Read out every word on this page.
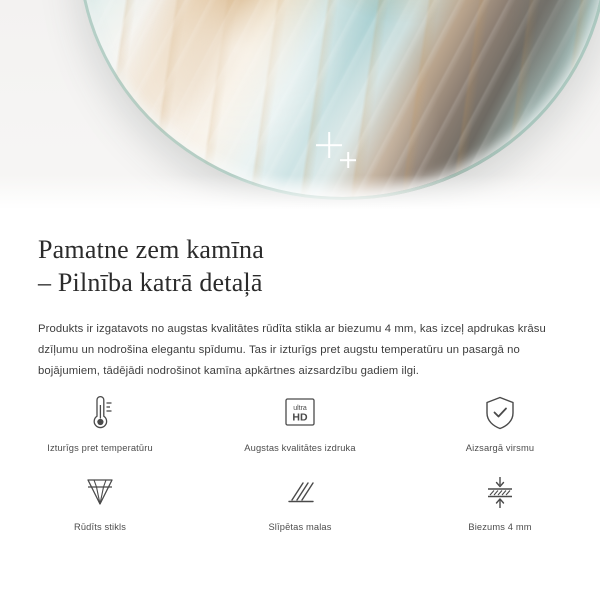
Pamatne zem kamīna
– Pilnība katrā detaļā

Produkts ir izgatavots no augstas kvalitātes rūdīta stikla ar biezumu 4 mm, kas izceļ apdrukas krāsu dzīļumu un nodrošina elegantu spīdumu. Tas ir izturīgs pret augstu temperatūru un pasargā no bojājumiem, tādējādi nodrošinot kamīna apkārtnes aizsardzību gadiem ilgi.

Izturīgs pret temperatūru
ultra
HD
Augstas kvalitātes izdruka	Aizsargā virsmu
Rūdīts stikls	Slīpētas malas	Biezums 4 mm
